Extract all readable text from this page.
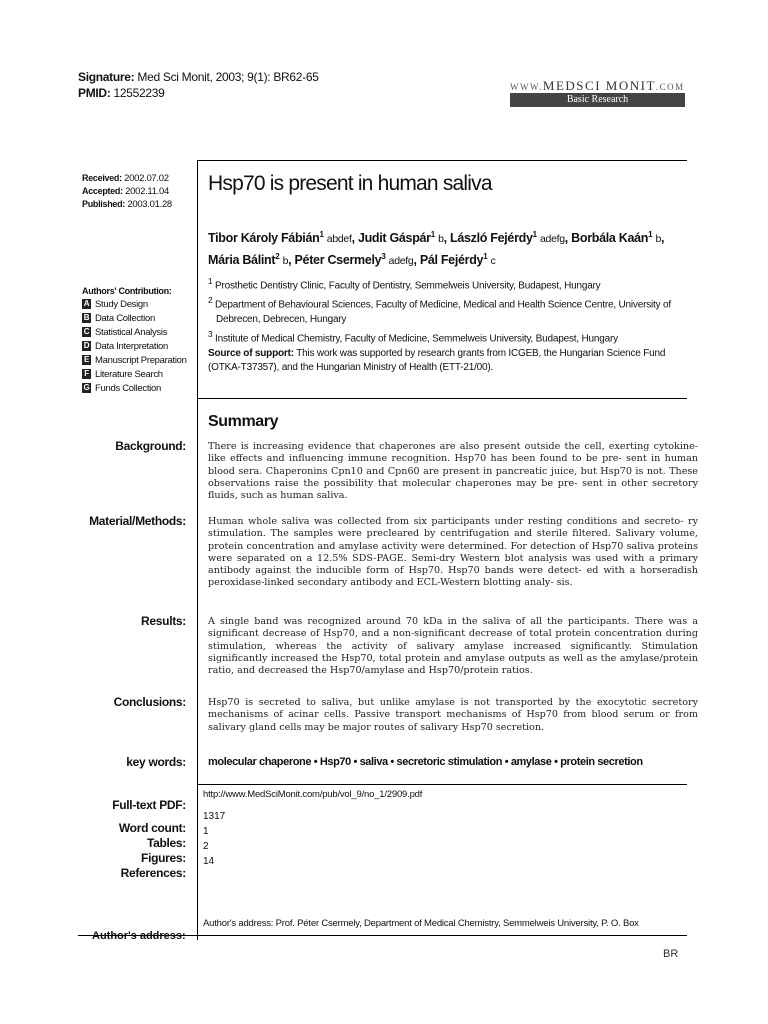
Signature: Med Sci Monit, 2003; 9(1): BR62-65
PMID: 12552239	WWW.MEDSCI MONIT.COM
Basic Research
Received: 2002.07.02
Accepted: 2002.11.04
Published: 2003.01.28
Authors' Contribution:
A Study Design
B Data Collection
C Statistical Analysis
D Data Interpretation
E Manuscript Preparation
F Literature Search
G Funds Collection
Hsp70 is present in human saliva
Tibor Károly Fábián$^1$ abdef, Judit Gáspár$^1$ b, László Fejérdy$^1$ adefg, Borbála Kaán$^1$ b, Mária Bálint$^2$ b, Péter Csermely$^3$ adefg, Pál Fejérdy$^1$ c
$^1$ Prosthetic Dentistry Clinic, Faculty of Dentistry, Semmelweis University, Budapest, Hungary
$^2$ Department of Behavioural Sciences, Faculty of Medicine, Medical and Health Science Centre, University of
Debrecen, Debrecen, Hungary
$^3$ Institute of Medical Chemistry, Faculty of Medicine, Semmelweis University, Budapest, Hungary
Source of support: This work was supported by research grants from ICGEB, the Hungarian Science Fund (OTKA-T37357), and the Hungarian Ministry of Health (ETT-21/00).
Summary
Background: There is increasing evidence that chaperones are also present outside the cell, exerting cytokine-like effects and influencing immune recognition. Hsp70 has been found to be pre- sent in human blood sera. Chaperonins Cpn10 and Cpn60 are present in pancreatic juice, but Hsp70 is not. These observations raise the possibility that molecular chaperones may be pre- sent in other secretory fluids, such as human saliva.
Material/Methods: Human whole saliva was collected from six participants under resting conditions and secreto- ry stimulation. The samples were precleared by centrifugation and sterile filtered. Salivary volume, protein concentration and amylase activity were determined. For detection of Hsp70 saliva proteins were separated on a 12.5% SDS-PAGE. Semi-dry Western blot analysis was used with a primary antibody against the inducible form of Hsp70. Hsp70 bands were detect- ed with a horseradish peroxidase-linked secondary antibody and ECL-Western blotting analy- sis.
Results: A single band was recognized around 70 kDa in the saliva of all the participants. There was a significant decrease of Hsp70, and a non-significant decrease of total protein concentration during stimulation, whereas the activity of salivary amylase increased significantly. Stimulation significantly increased the Hsp70, total protein and amylase outputs as well as the amylase/protein ratio, and decreased the Hsp70/amylase and Hsp70/protein ratios.
Conclusions: Hsp70 is secreted to saliva, but unlike amylase is not transported by the exocytotic secretory mechanisms of acinar cells. Passive transport mechanisms of Hsp70 from blood serum or from salivary gland cells may be major routes of salivary Hsp70 secretion.
key words: molecular chaperone • Hsp70 • saliva • secretoric stimulation • amylase • protein secretion
Full-text PDF:
http://www.MedSciMonit.com/pub/vol_9/no_1/2909.pdf
Word count:
1317
Tables:
1
Figures:
2
References:
14
Author's address: Prof. Péter Csermely, Department of Medical Chemistry, Semmelweis University, P. O. Box
Author's address:
BR
